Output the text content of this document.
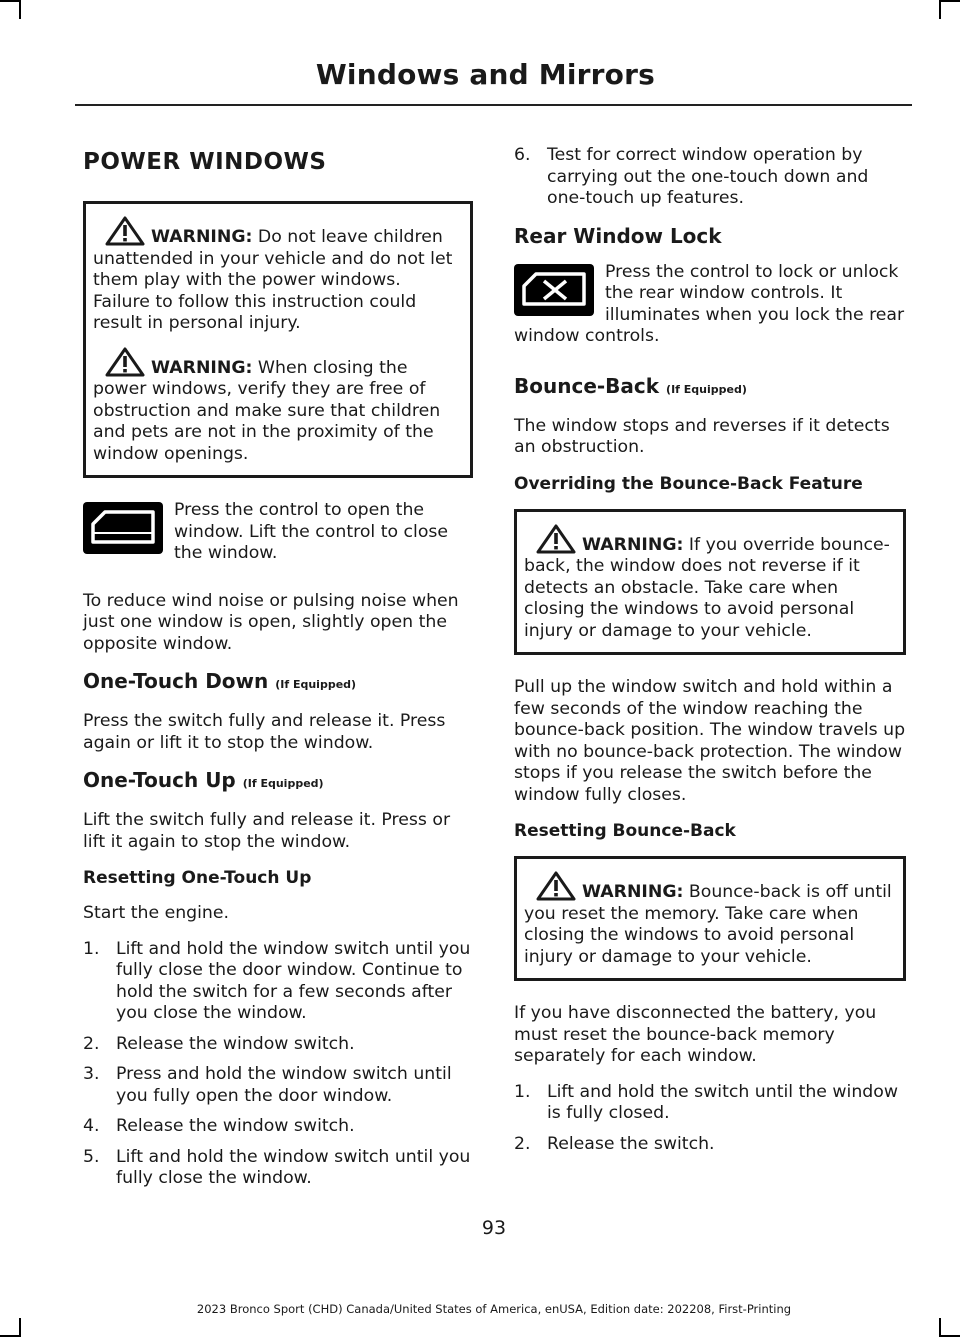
Windows and Mirrors
POWER WINDOWS

WARNING: Do not leave children unattended in your vehicle and do not let them play with the power windows. Failure to follow this instruction could result in personal injury.

WARNING: When closing the power windows, verify they are free of obstruction and make sure that children and pets are not in the proximity of the window openings.

Press the control to open the window. Lift the control to close the window.

To reduce wind noise or pulsing noise when just one window is open, slightly open the opposite window.

One-Touch Down (If Equipped)

Press the switch fully and release it. Press again or lift it to stop the window.

One-Touch Up (If Equipped)

Lift the switch fully and release it. Press or lift it again to stop the window.

Resetting One-Touch Up

Start the engine.

1. Lift and hold the window switch until you fully close the door window. Continue to hold the switch for a few seconds after you close the window.
2. Release the window switch.
3. Press and hold the window switch until you fully open the door window.
4. Release the window switch.
5. Lift and hold the window switch until you fully close the window.
6. Test for correct window operation by carrying out the one-touch down and one-touch up features.
Rear Window Lock

Press the control to lock or unlock the rear window controls. It illuminates when you lock the rear window controls.

Bounce-Back (If Equipped)

The window stops and reverses if it detects an obstruction.

Overriding the Bounce-Back Feature

WARNING: If you override bounce-back, the window does not reverse if it detects an obstacle. Take care when closing the windows to avoid personal injury or damage to your vehicle.

Pull up the window switch and hold within a few seconds of the window reaching the bounce-back position. The window travels up with no bounce-back protection. The window stops if you release the switch before the window fully closes.

Resetting Bounce-Back

WARNING: Bounce-back is off until you reset the memory. Take care when closing the windows to avoid personal injury or damage to your vehicle.

If you have disconnected the battery, you must reset the bounce-back memory separately for each window.

1. Lift and hold the switch until the window is fully closed.
2. Release the switch.
93
2023 Bronco Sport (CHD) Canada/United States of America, enUSA, Edition date: 202208, First-Printing
